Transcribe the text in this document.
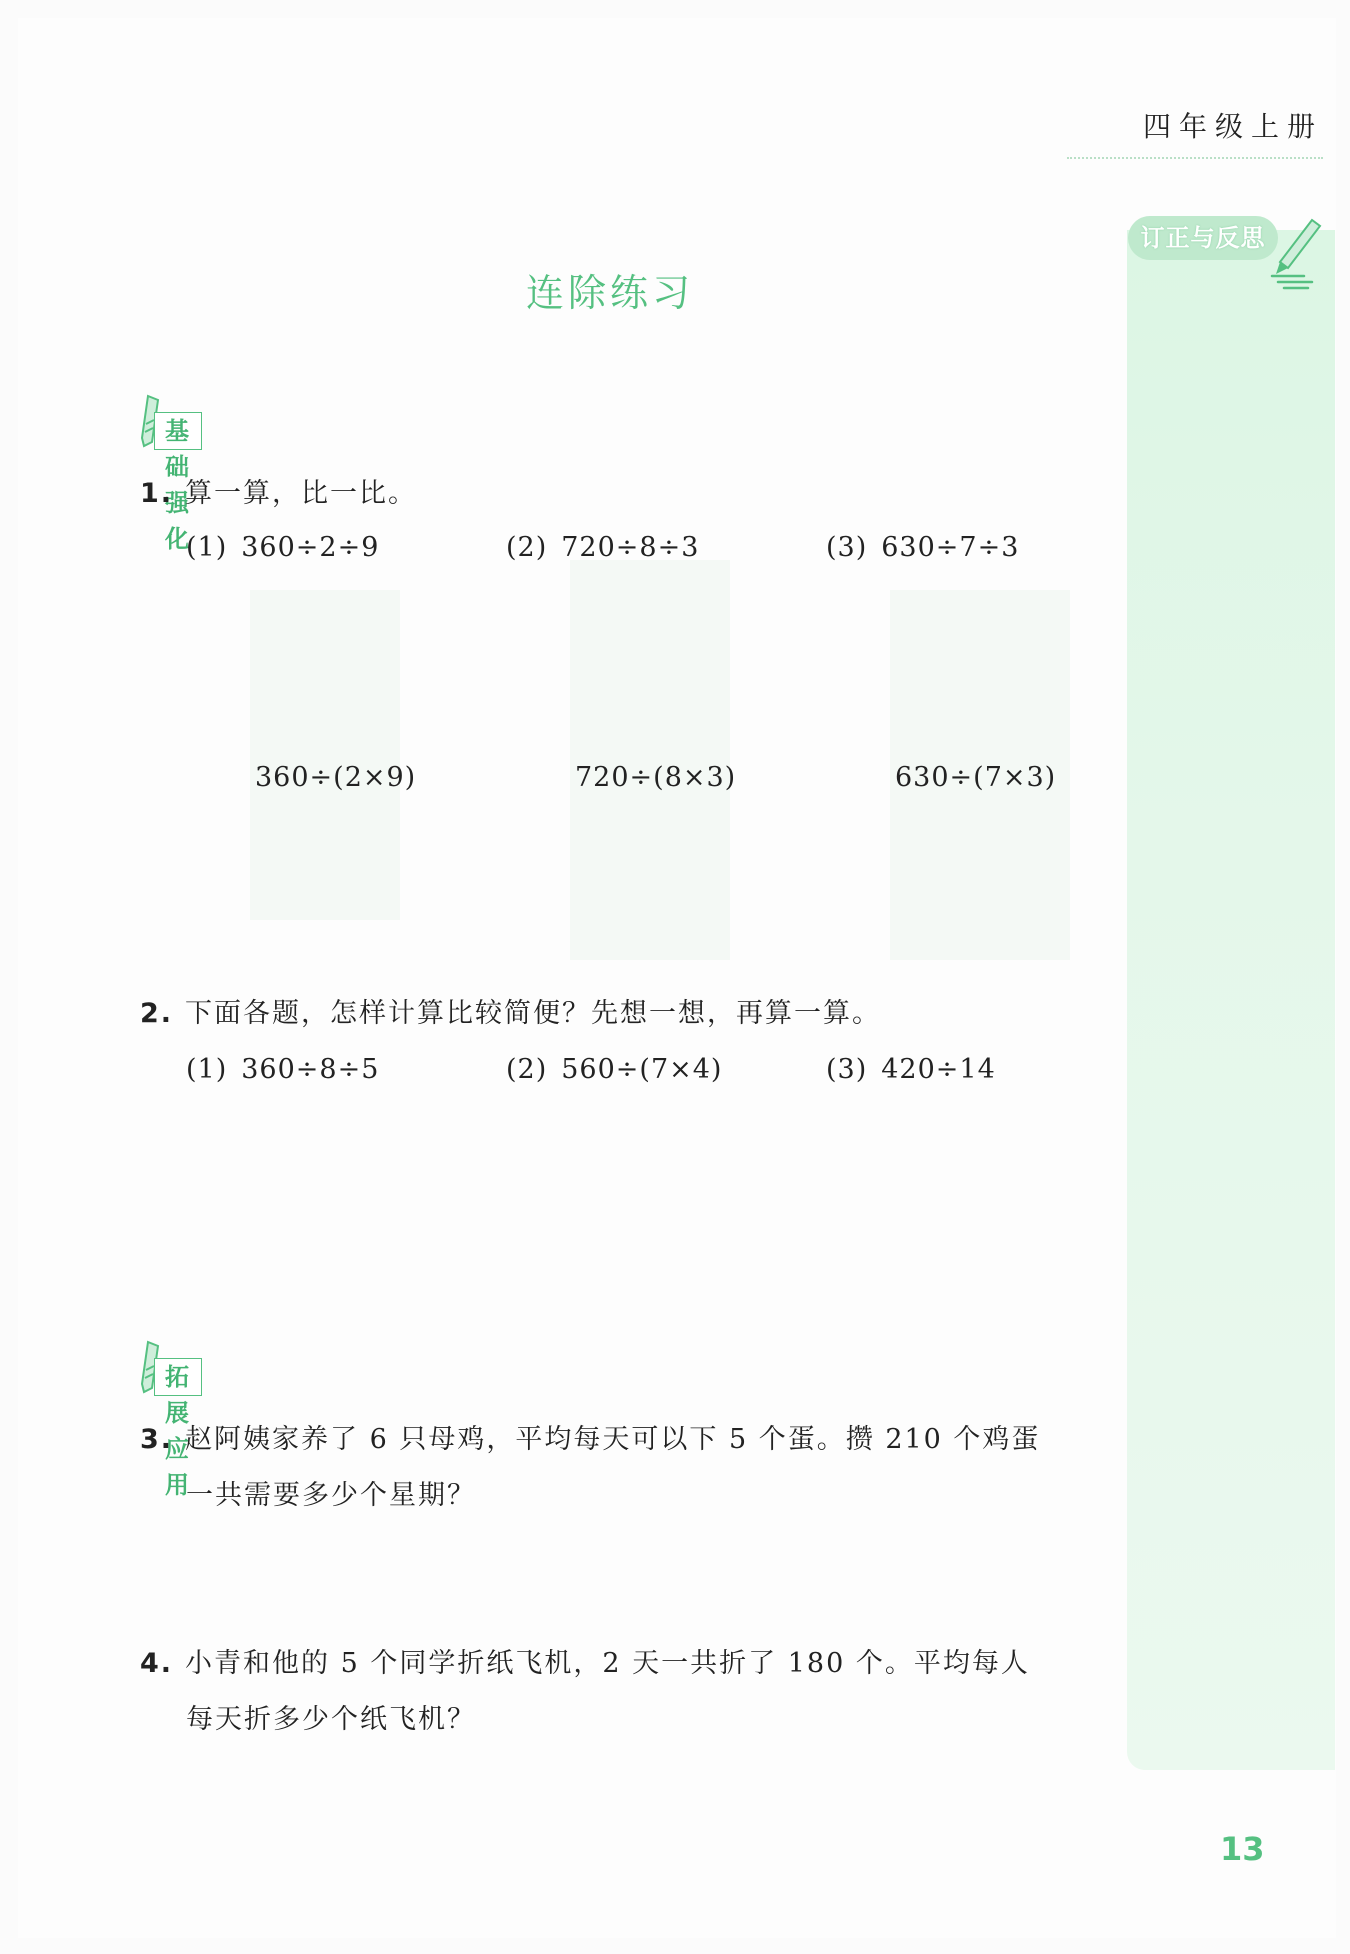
四年级上册
订正与反思
连除练习
基础强化
1. 算一算，比一比。
(1) 360÷2÷9	(2) 720÷8÷3	(3) 630÷7÷3
360÷(2×9)	720÷(8×3)	630÷(7×3)
2. 下面各题，怎样计算比较简便？先想一想，再算一算。
(1) 360÷8÷5	(2) 560÷(7×4)	(3) 420÷14
拓展应用
3. 赵阿姨家养了 6 只母鸡，平均每天可以下 5 个蛋。攒 210 个鸡蛋
一共需要多少个星期？
4. 小青和他的 5 个同学折纸飞机，2 天一共折了 180 个。平均每人
每天折多少个纸飞机？
13
